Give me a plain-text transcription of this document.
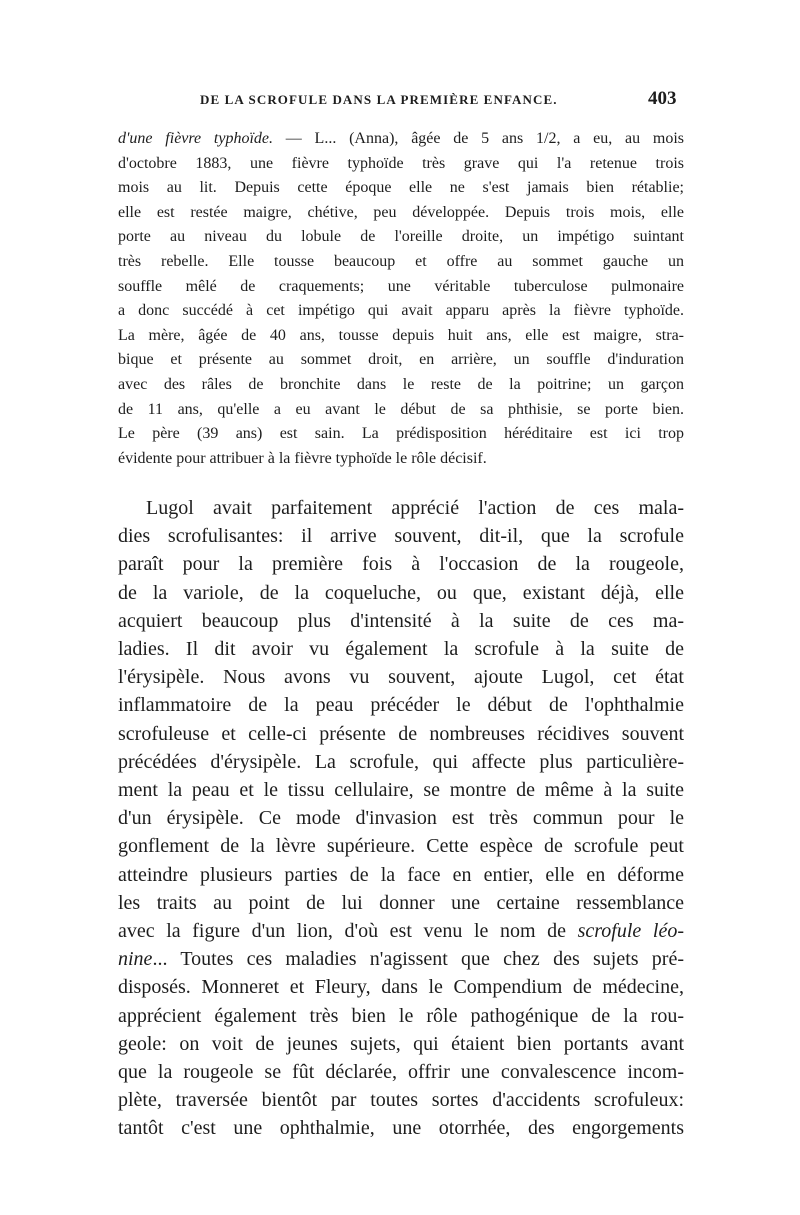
DE LA SCROFULE DANS LA PREMIÈRE ENFANCE.	403
d'une fièvre typhoïde. — L... (Anna), âgée de 5 ans 1/2, a eu, au mois
d'octobre 1883, une fièvre typhoïde très grave qui l'a retenue trois
mois au lit. Depuis cette époque elle ne s'est jamais bien rétablie;
elle est restée maigre, chétive, peu développée. Depuis trois mois, elle
porte au niveau du lobule de l'oreille droite, un impétigo suintant
très rebelle. Elle tousse beaucoup et offre au sommet gauche un
souffle mêlé de craquements; une véritable tuberculose pulmonaire
a donc succédé à cet impétigo qui avait apparu après la fièvre typhoïde.
La mère, âgée de 40 ans, tousse depuis huit ans, elle est maigre, stra-
bique et présente au sommet droit, en arrière, un souffle d'induration
avec des râles de bronchite dans le reste de la poitrine; un garçon
de 11 ans, qu'elle a eu avant le début de sa phthisie, se porte bien.
Le père (39 ans) est sain. La prédisposition héréditaire est ici trop
évidente pour attribuer à la fièvre typhoïde le rôle décisif.
Lugol avait parfaitement apprécié l'action de ces mala-
dies scrofulisantes: il arrive souvent, dit-il, que la scrofule
paraît pour la première fois à l'occasion de la rougeole,
de la variole, de la coqueluche, ou que, existant déjà, elle
acquiert beaucoup plus d'intensité à la suite de ces ma-
ladies. Il dit avoir vu également la scrofule à la suite de
l'érysipèle. Nous avons vu souvent, ajoute Lugol, cet état
inflammatoire de la peau précéder le début de l'ophthalmie
scrofuleuse et celle-ci présente de nombreuses récidives souvent
précédées d'érysipèle. La scrofule, qui affecte plus particulière-
ment la peau et le tissu cellulaire, se montre de même à la suite
d'un érysipèle. Ce mode d'invasion est très commun pour le
gonflement de la lèvre supérieure. Cette espèce de scrofule peut
atteindre plusieurs parties de la face en entier, elle en déforme
les traits au point de lui donner une certaine ressemblance
avec la figure d'un lion, d'où est venu le nom de scrofule léo-
nine... Toutes ces maladies n'agissent que chez des sujets pré-
disposés. Monneret et Fleury, dans le Compendium de médecine,
apprécient également très bien le rôle pathogénique de la rou-
geole: on voit de jeunes sujets, qui étaient bien portants avant
que la rougeole se fût déclarée, offrir une convalescence incom-
plète, traversée bientôt par toutes sortes d'accidents scrofuleux:
tantôt c'est une ophthalmie, une otorrhée, des engorgements
